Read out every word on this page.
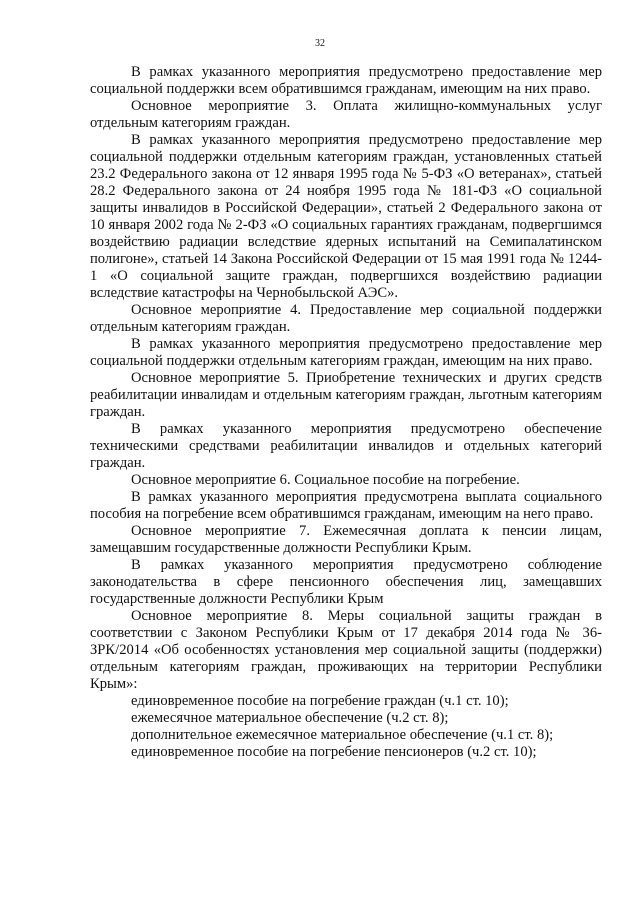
32

В рамках указанного мероприятия предусмотрено предоставление мер социальной поддержки всем обратившимся гражданам, имеющим на них право.

Основное мероприятие 3. Оплата жилищно-коммунальных услуг отдельным категориям граждан.

В рамках указанного мероприятия предусмотрено предоставление мер социальной поддержки отдельным категориям граждан, установленных статьей 23.2 Федерального закона от 12 января 1995 года № 5-ФЗ «О ветеранах», статьей 28.2 Федерального закона от 24 ноября 1995 года № 181-ФЗ «О социальной защиты инвалидов в Российской Федерации», статьей 2 Федерального закона от 10 января 2002 года № 2-ФЗ «О социальных гарантиях гражданам, подвергшимся воздействию радиации вследствие ядерных испытаний на Семипалатинском полигоне», статьей 14 Закона Российской Федерации от 15 мая 1991 года № 1244-1 «О социальной защите граждан, подвергшихся воздействию радиации вследствие катастрофы на Чернобыльской АЭС».

Основное мероприятие 4. Предоставление мер социальной поддержки отдельным категориям граждан.

В рамках указанного мероприятия предусмотрено предоставление мер социальной поддержки отдельным категориям граждан, имеющим на них право.

Основное мероприятие 5. Приобретение технических и других средств реабилитации инвалидам и отдельным категориям граждан, льготным категориям граждан.

В рамках указанного мероприятия предусмотрено обеспечение техническими средствами реабилитации инвалидов и отдельных категорий граждан.

Основное мероприятие 6. Социальное пособие на погребение.

В рамках указанного мероприятия предусмотрена выплата социального пособия на погребение всем обратившимся гражданам, имеющим на него право.

Основное мероприятие 7. Ежемесячная доплата к пенсии лицам, замещавшим государственные должности Республики Крым.

В рамках указанного мероприятия предусмотрено соблюдение законодательства в сфере пенсионного обеспечения лиц, замещавших государственные должности Республики Крым

Основное мероприятие 8. Меры социальной защиты граждан в соответствии с Законом Республики Крым от 17 декабря 2014 года № 36-ЗРК/2014 «Об особенностях установления мер социальной защиты (поддержки) отдельным категориям граждан, проживающих на территории Республики Крым»:

единовременное пособие на погребение граждан (ч.1 ст. 10);
ежемесячное материальное обеспечение (ч.2 ст. 8);
дополнительное ежемесячное материальное обеспечение (ч.1 ст. 8);
единовременное пособие на погребение пенсионеров (ч.2 ст. 10);
